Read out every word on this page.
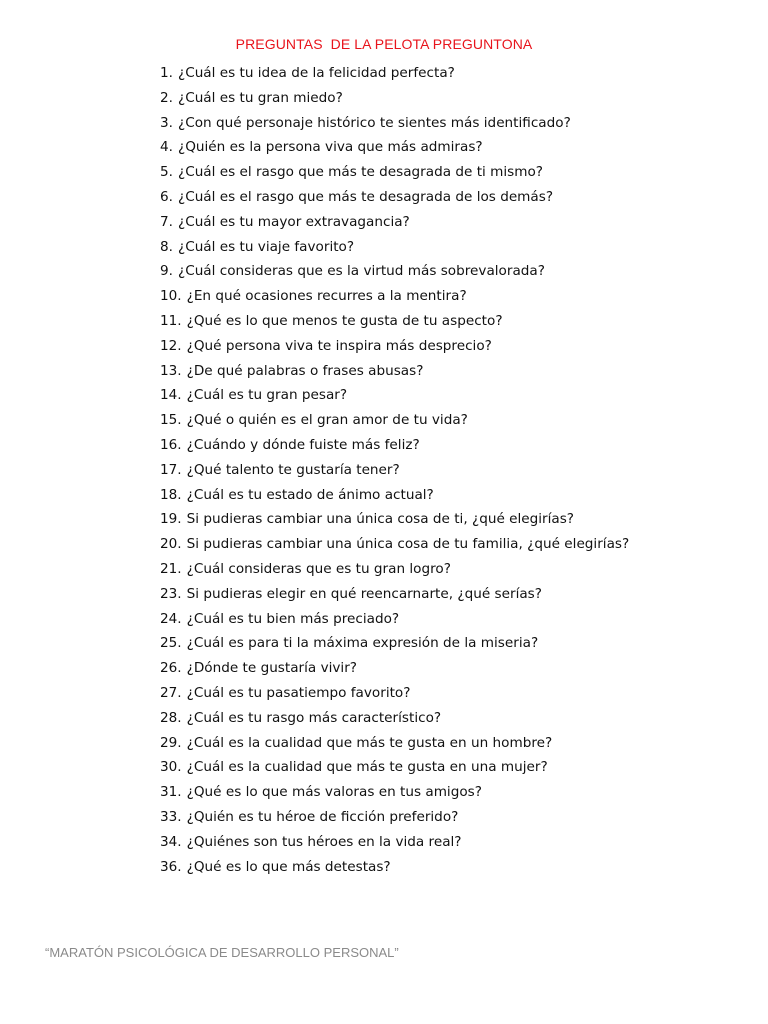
PREGUNTAS  DE LA PELOTA PREGUNTONA
1. ¿Cuál es tu idea de la felicidad perfecta?
2. ¿Cuál es tu gran miedo?
3. ¿Con qué personaje histórico te sientes más identificado?
4. ¿Quién es la persona viva que más admiras?
5. ¿Cuál es el rasgo que más te desagrada de ti mismo?
6. ¿Cuál es el rasgo que más te desagrada de los demás?
7. ¿Cuál es tu mayor extravagancia?
8. ¿Cuál es tu viaje favorito?
9. ¿Cuál consideras que es la virtud más sobrevalorada?
10. ¿En qué ocasiones recurres a la mentira?
11. ¿Qué es lo que menos te gusta de tu aspecto?
12. ¿Qué persona viva te inspira más desprecio?
13. ¿De qué palabras o frases abusas?
14. ¿Cuál es tu gran pesar?
15. ¿Qué o quién es el gran amor de tu vida?
16. ¿Cuándo y dónde fuiste más feliz?
17. ¿Qué talento te gustaría tener?
18. ¿Cuál es tu estado de ánimo actual?
19. Si pudieras cambiar una única cosa de ti, ¿qué elegirías?
20. Si pudieras cambiar una única cosa de tu familia, ¿qué elegirías?
21. ¿Cuál consideras que es tu gran logro?
23. Si pudieras elegir en qué reencarnarte, ¿qué serías?
24. ¿Cuál es tu bien más preciado?
25. ¿Cuál es para ti la máxima expresión de la miseria?
26. ¿Dónde te gustaría vivir?
27. ¿Cuál es tu pasatiempo favorito?
28. ¿Cuál es tu rasgo más característico?
29. ¿Cuál es la cualidad que más te gusta en un hombre?
30. ¿Cuál es la cualidad que más te gusta en una mujer?
31. ¿Qué es lo que más valoras en tus amigos?
33. ¿Quién es tu héroe de ficción preferido?
34. ¿Quiénes son tus héroes en la vida real?
36. ¿Qué es lo que más detestas?
“MARATÓN PSICOLÓGICA DE DESARROLLO PERSONAL”
